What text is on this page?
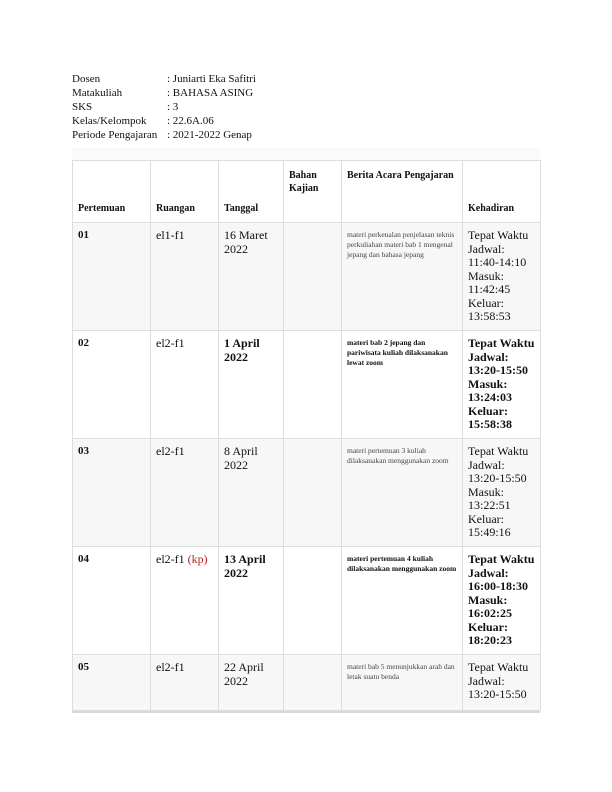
Dosen	: Juniarti Eka Safitri
Matakuliah	: BAHASA ASING
SKS	: 3
Kelas/Kelompok	: 22.6A.06
Periode Pengajaran : 2021-2022 Genap
Pertemuan	Ruangan	Tanggal	Bahan Kajian	Berita Acara Pengajaran	Kehadiran
01	el1-f1	16 Maret 2022		materi perkenalan penjelasan teknis perkuliahan materi bab 1 mengenal jepang dan bahasa jepang	Tepat Waktu
Jadwal: 11:40-14:10
Masuk: 11:42:45
Keluar: 13:58:53

02	el2-f1	1 April 2022		materi bab 2 jepang dan pariwisata kuliah dilaksanakan lewat zoom	Tepat Waktu
Jadwal: 13:20-15:50
Masuk: 13:24:03
Keluar: 15:58:38

03	el2-f1	8 April 2022		materi pertemuan 3 kuliah dilaksanakan menggunakan zoom	Tepat Waktu
Jadwal: 13:20-15:50
Masuk: 13:22:51
Keluar: 15:49:16

04	el2-f1 (kp)	13 April 2022		materi pertemuan 4 kuliah dilaksanakan menggunakan zoom	Tepat Waktu
Jadwal: 16:00-18:30
Masuk: 16:02:25
Keluar: 18:20:23

05	el2-f1	22 April 2022		materi bab 5 menunjukkan arah dan letak suatu benda	Tepat Waktu
Jadwal: 13:20-15:50
